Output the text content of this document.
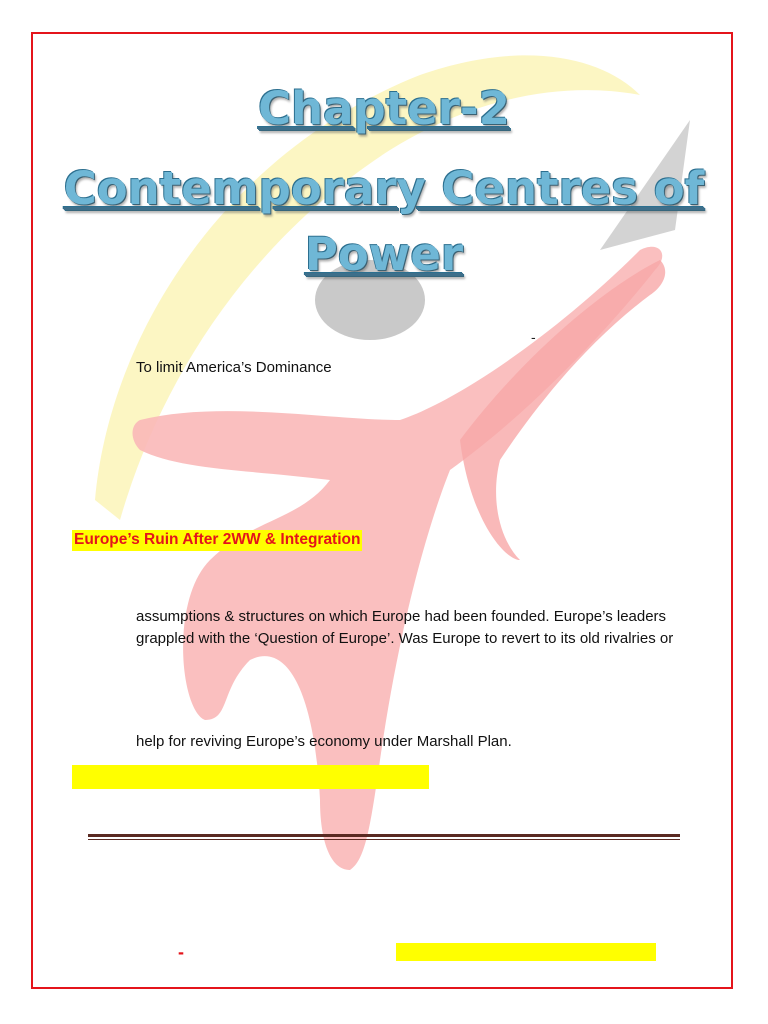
Chapter-2
Contemporary Centres of
Power
-
To limit America’s Dominance
Europe’s Ruin After 2WW & Integration
assumptions & structures on which Europe had been founded. Europe’s leaders
grappled with the ‘Question of Europe’. Was Europe to revert to its old rivalries or
help for reviving Europe’s economy under Marshall Plan.
-
